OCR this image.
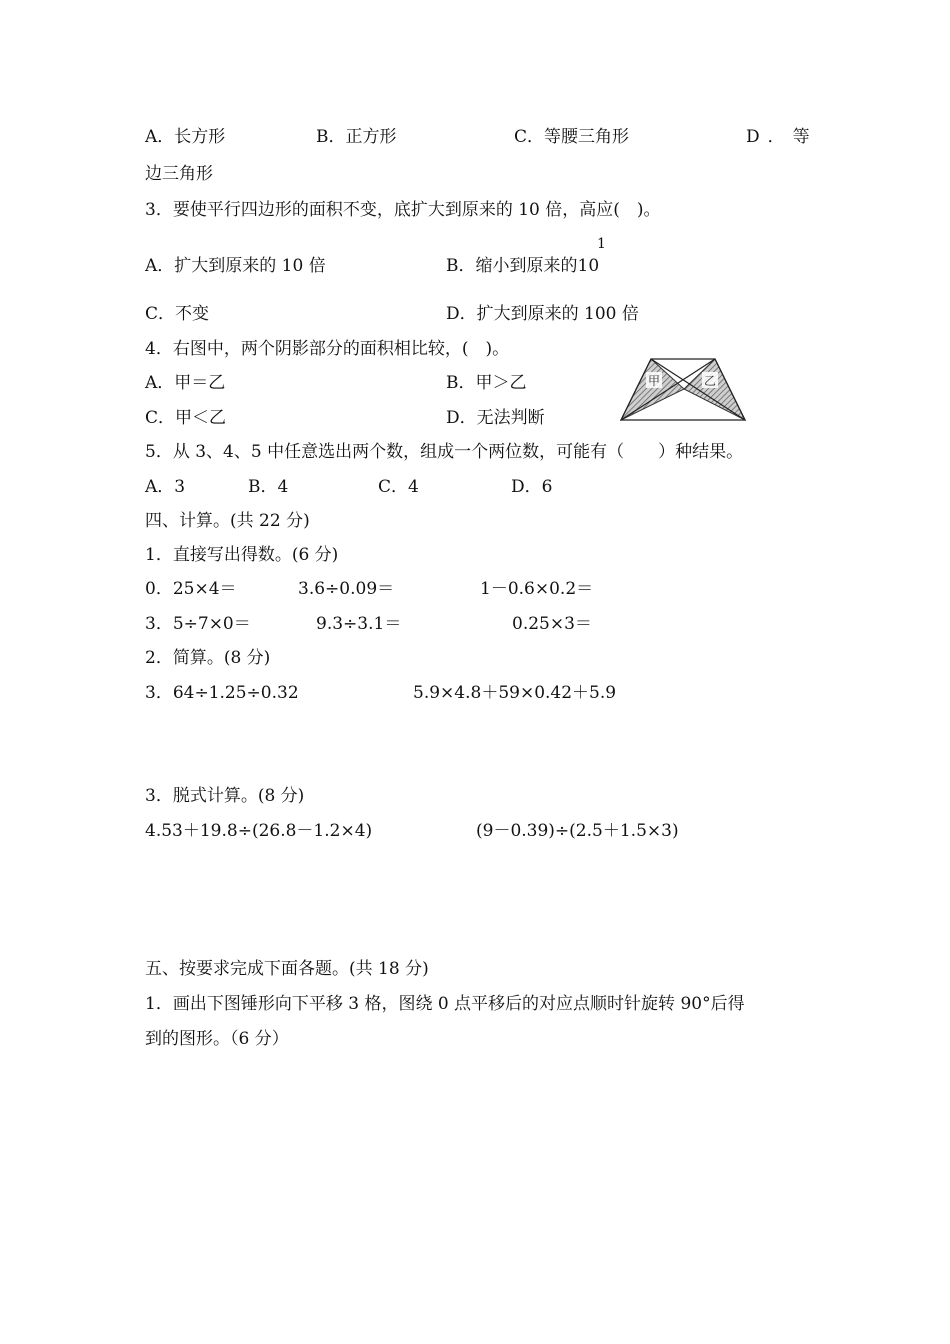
A．长方形	B．正方形	C．等腰三角形	D．等
边三角形
3．要使平行四边形的面积不变，底扩大到原来的 10 倍，高应(　)。
A．扩大到原来的 10 倍	B．缩小到原来的10
1
C．不变	D．扩大到原来的 100 倍
4．右图中，两个阴影部分的面积相比较，(　)。
A．甲＝乙	B．甲＞乙
C．甲＜乙	D．无法判断
甲	乙
5．从 3、4、5 中任意选出两个数，组成一个两位数，可能有（　　）种结果。
A．3	B．4	C．4	D．6
四、计算。(共 22 分)
1．直接写出得数。(6 分)
0．25×4＝	3.6÷0.09＝	1－0.6×0.2＝
3．5÷7×0＝	9.3÷3.1＝	0.25×3＝
2．简算。(8 分)
3．64÷1.25÷0.32	5.9×4.8＋59×0.42＋5.9
3．脱式计算。(8 分)
4.53＋19.8÷(26.8－1.2×4)	(9－0.39)÷(2.5＋1.5×3)
五、按要求完成下面各题。(共 18 分)
1．画出下图锤形向下平移 3 格，图绕 0 点平移后的对应点顺时针旋转 90°后得
到的图形。（6 分）
